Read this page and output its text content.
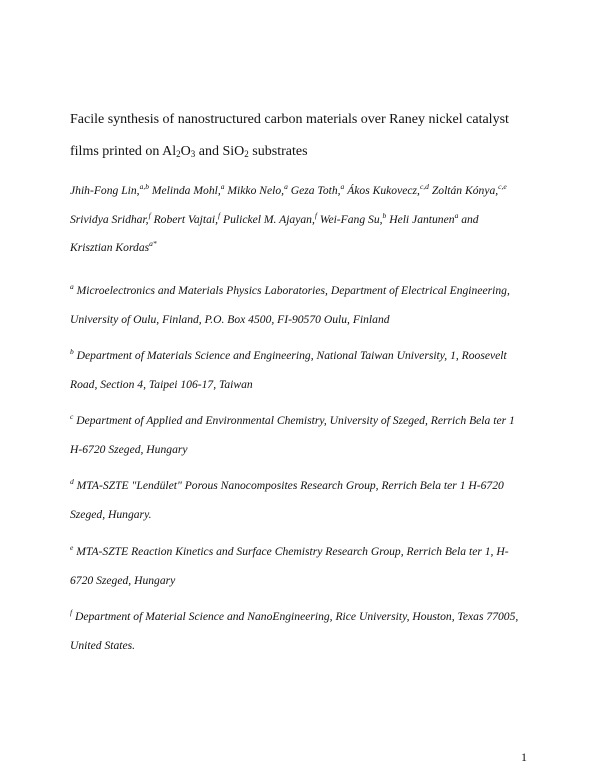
Facile synthesis of nanostructured carbon materials over Raney nickel catalyst
films printed on $Al_2O_3$ and SiO$_2$ substrates
Jhih-Fong Lin,$^{a,b}$ Melinda Mohl,$^a$ Mikko Nelo,$^a$ Geza Toth,$^a$ Ákos Kukovecz,$^{c,d}$ Zoltán Kónya,$^{c,e}$
Srividya Sridhar,$^f$ Robert Vajtai,$^f$ Pulickel M. Ajayan,$^f$ Wei-Fang Su,$^b$ Heli Jantunen$^a$ and
Krisztian Kordas$^{a*}$
$^a$ Microelectronics and Materials Physics Laboratories, Department of Electrical Engineering,
University of Oulu, Finland, P.O. Box 4500, FI-90570 Oulu, Finland
$^b$ Department of Materials Science and Engineering, National Taiwan University, 1, Roosevelt
Road, Section 4, Taipei 106-17, Taiwan
$^c$ Department of Applied and Environmental Chemistry, University of Szeged, Rerrich Bela ter 1
H-6720 Szeged, Hungary
$^d$ MTA-SZTE "Lendület" Porous Nanocomposites Research Group, Rerrich Bela ter 1 H-6720
Szeged, Hungary.
$^e$ MTA-SZTE Reaction Kinetics and Surface Chemistry Research Group, Rerrich Bela ter 1, H-
6720 Szeged, Hungary
$^f$ Department of Material Science and NanoEngineering, Rice University, Houston, Texas 77005,
United States.
1
